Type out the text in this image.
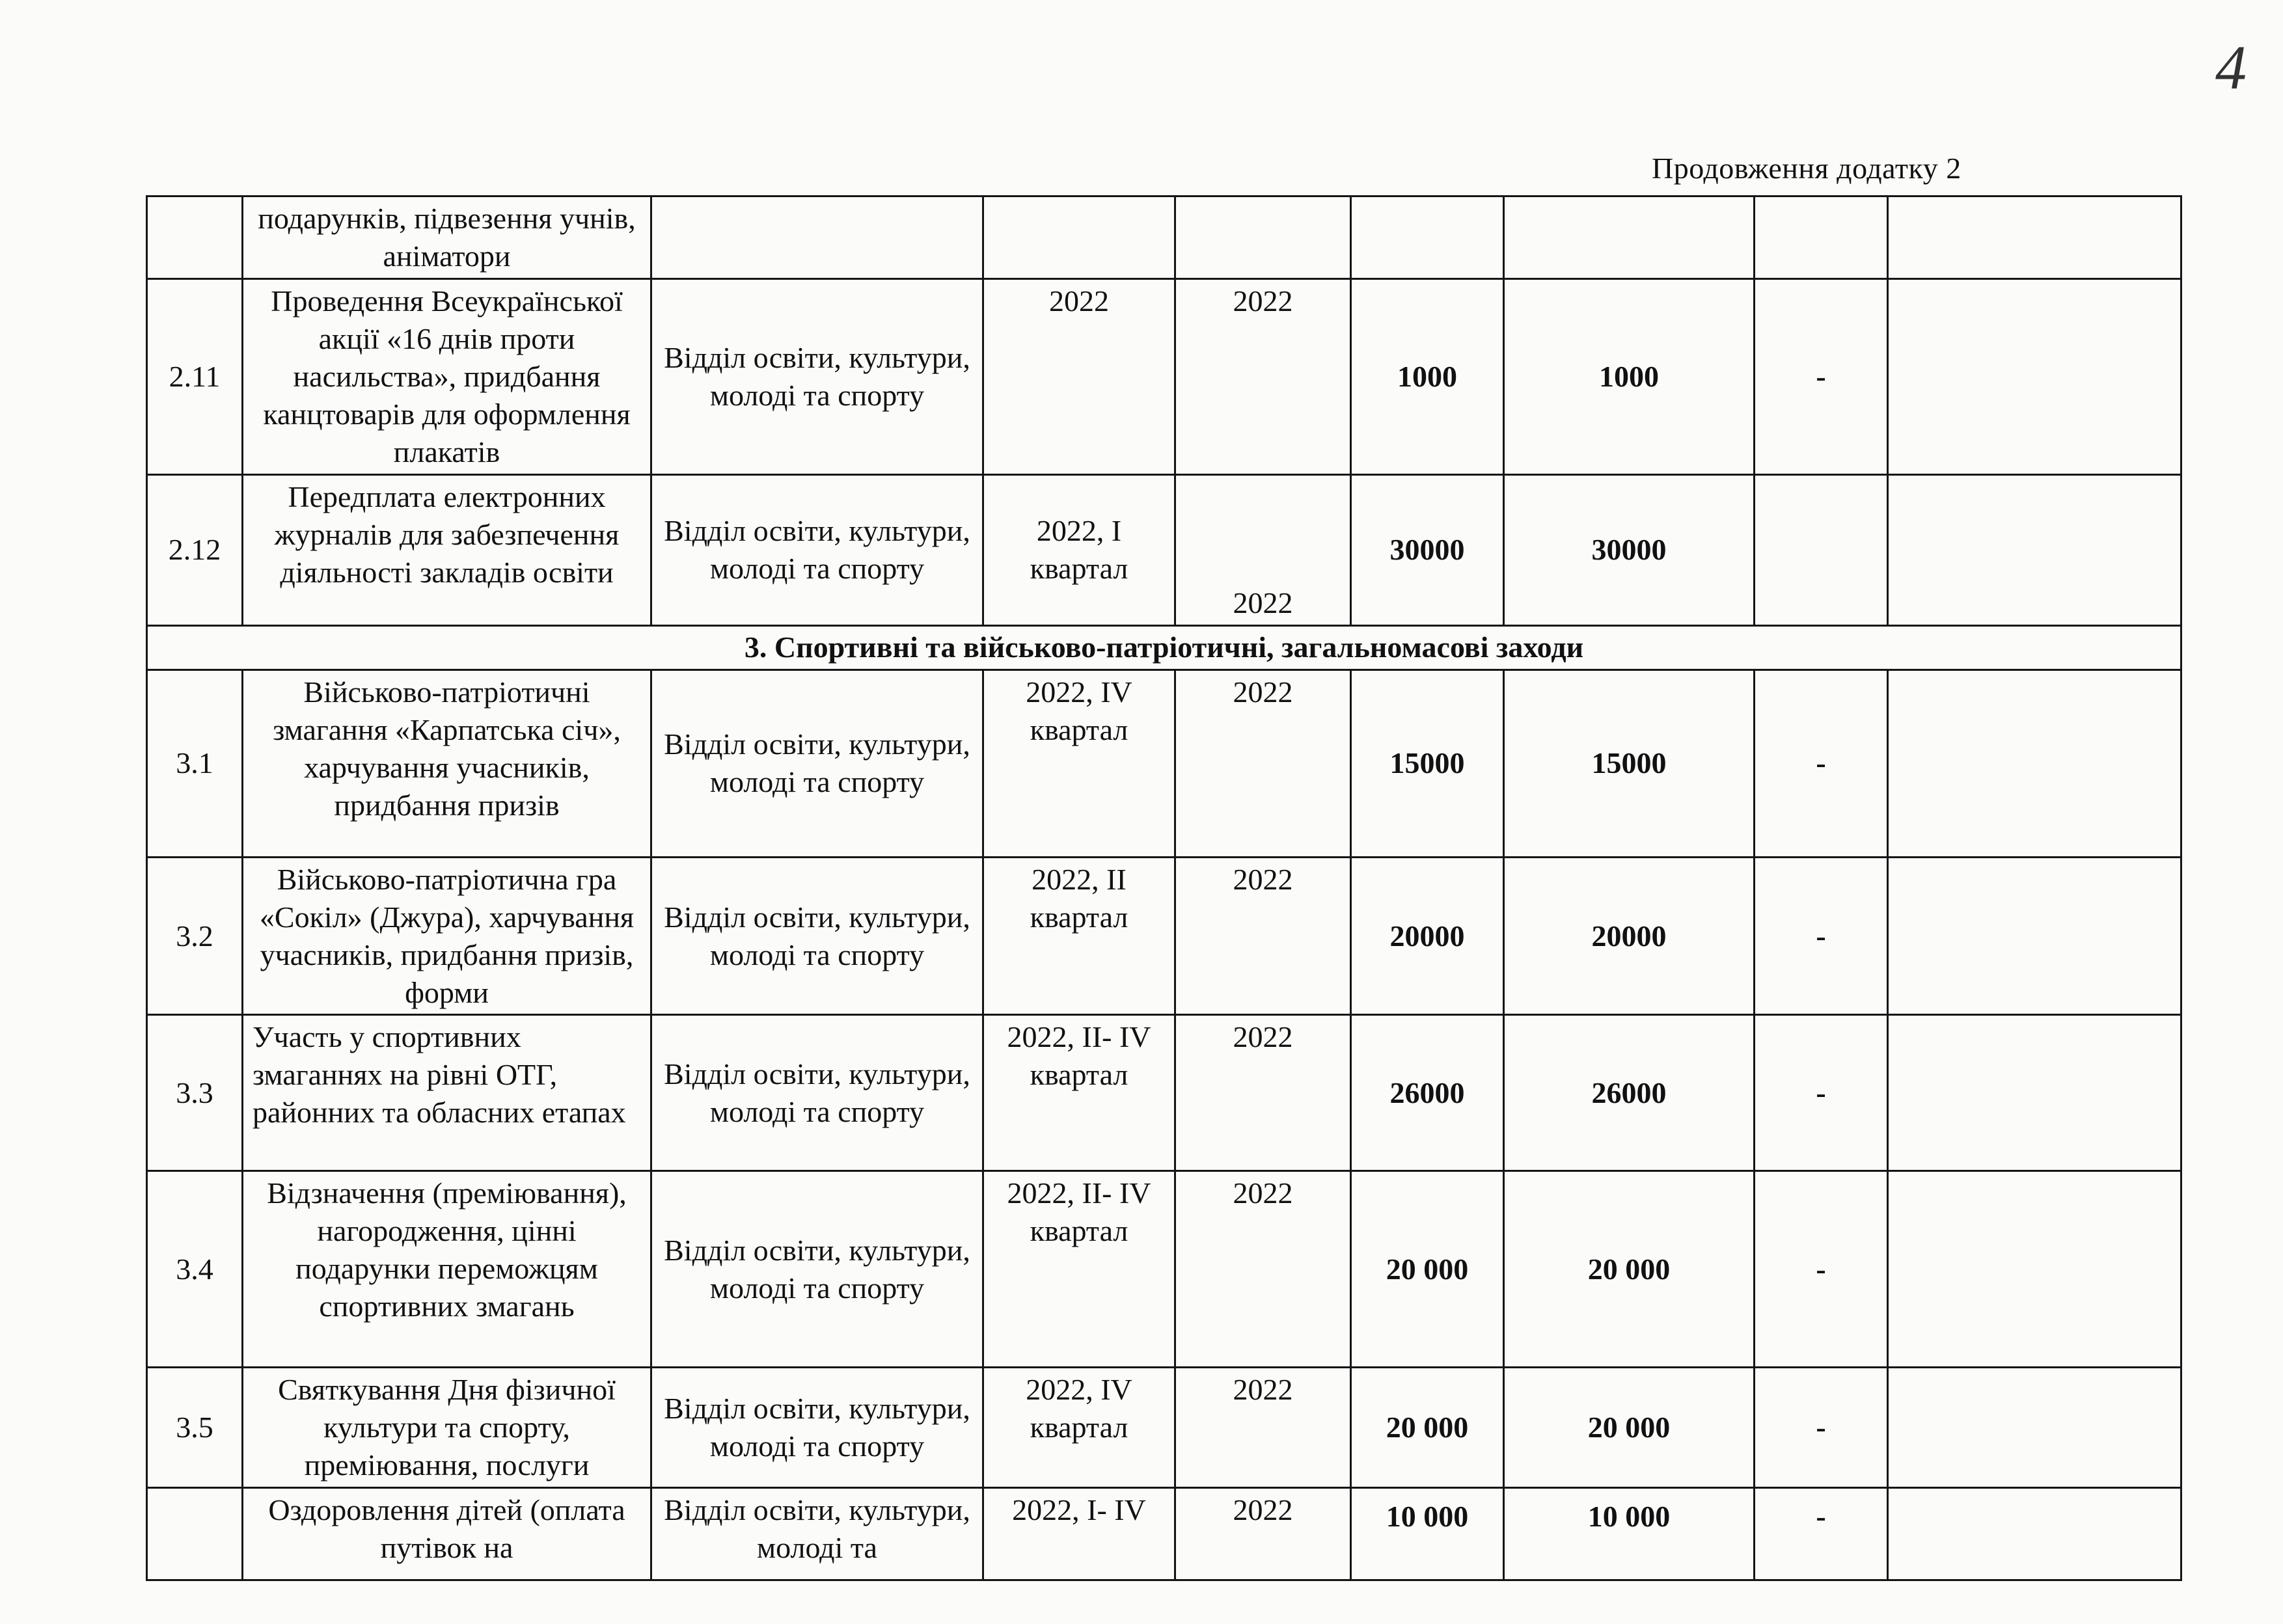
4
Продовження додатку 2
	подарунків, підвезення учнів, аніматори							
2.11	Проведення Всеукраїнської акції «16 днів проти насильства», придбання канцтоварів для оформлення плакатів	Відділ освіти, культури, молоді та спорту	2022	2022	1000	1000	-	
2.12	Передплата електронних журналів для забезпечення діяльності закладів освіти	Відділ освіти, культури, молоді та спорту	2022, І квартал	2022	30000	30000		
3. Спортивні та військово-патріотичні, загальномасові заходи								
3.1	Військово-патріотичні змагання «Карпатська січ», харчування учасників, придбання призів	Відділ освіти, культури, молоді та спорту	2022, IV квартал	2022	15000	15000	-	
3.2	Військово-патріотична гра «Сокіл» (Джура), харчування учасників, придбання призів, форми	Відділ освіти, культури, молоді та спорту	2022, ІІ квартал	2022	20000	20000	-	
3.3	Участь у спортивних змаганнях на рівні ОТГ, районних та обласних етапах	Відділ освіти, культури, молоді та спорту	2022, ІІ- ІV квартал	2022	26000	26000	-	
3.4	Відзначення (преміювання), нагородження, цінні подарунки переможцям спортивних змагань	Відділ освіти, культури, молоді та спорту	2022, ІІ- ІV квартал	2022	20 000	20 000	-	
3.5	Святкування Дня фізичної культури та спорту, преміювання, послуги	Відділ освіти, культури, молоді та спорту	2022, IV квартал	2022	20 000	20 000	-	
	Оздоровлення дітей (оплата путівок на	Відділ освіти, культури, молоді та	2022, І- ІV	2022	10 000	10 000	-	
